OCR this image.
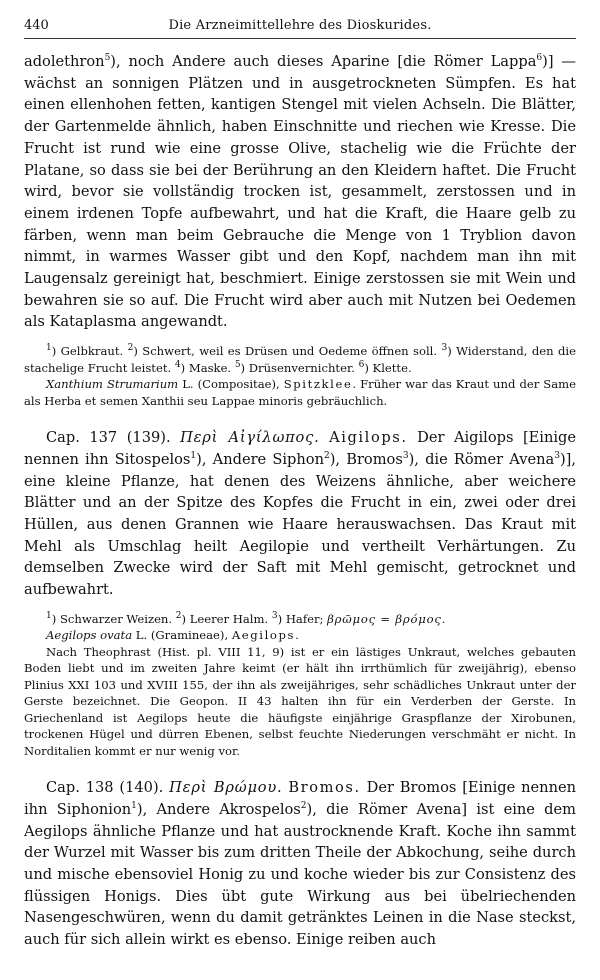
Die Arzneimittellehre des Dioskurides.
440

adolethron$^5$), noch Andere auch dieses Aparine [die Römer Lappa$^6$)] — wächst an sonnigen Plätzen und in ausgetrockneten Sümpfen. Es hat einen ellenhohen fetten, kantigen Stengel mit vielen Achseln. Die Blätter, der Gartenmelde ähnlich, haben Einschnitte und riechen wie Kresse. Die Frucht ist rund wie eine grosse Olive, stachelig wie die Früchte der Platane, so dass sie bei der Berührung an den Kleidern haftet. Die Frucht wird, bevor sie vollständig trocken ist, gesammelt, zerstossen und in einem irdenen Topfe aufbewahrt, und hat die Kraft, die Haare gelb zu färben, wenn man beim Gebrauche die Menge von 1 Tryblion davon nimmt, in warmes Wasser gibt und den Kopf, nachdem man ihn mit Laugensalz gereinigt hat, beschmiert. Einige zerstossen sie mit Wein und bewahren sie so auf. Die Frucht wird aber auch mit Nutzen bei Oedemen als Kataplasma angewandt.

$^1$) Gelbkraut. $^2$) Schwert, weil es Drüsen und Oedeme öffnen soll. $^3$) Widerstand, den die stachelige Frucht leistet. $^4$) Maske. $^5$) Drüsenvernichter. $^6$) Klette.

Xanthium Strumarium L. (Compositae), Spitzklee. Früher war das Kraut und der Same als Herba et semen Xanthii seu Lappae minoris gebräuchlich.

Cap. 137 (139). Περὶ Αἰγίλωπος. Aigilops. Der Aigilops [Einige nennen ihn Sitospelos$^1$), Andere Siphon$^2$), Bromos$^3$), die Römer Avena$^3$)], eine kleine Pflanze, hat denen des Weizens ähnliche, aber weichere Blätter und an der Spitze des Kopfes die Frucht in ein, zwei oder drei Hüllen, aus denen Grannen wie Haare herauswachsen. Das Kraut mit Mehl als Umschlag heilt Aegilopie und vertheilt Verhärtungen. Zu demselben Zwecke wird der Saft mit Mehl gemischt, getrocknet und aufbewahrt.

$^1$) Schwarzer Weizen. $^2$) Leerer Halm. $^3$) Hafer; βρῶμος = βρόμος.

Aegilops ovata L. (Gramineae), Aegilops.

Nach Theophrast (Hist. pl. VIII 11, 9) ist er ein lästiges Unkraut, welches gebauten Boden liebt und im zweiten Jahre keimt (er hält ihn irrthümlich für zweijährig), ebenso Plinius XXI 103 und XVIII 155, der ihn als zweijähriges, sehr schädliches Unkraut unter der Gerste bezeichnet. Die Geopon. II 43 halten ihn für ein Verderben der Gerste. In Griechenland ist Aegilops heute die häufigste einjährige Graspflanze der Xirobunen, trockenen Hügel und dürren Ebenen, selbst feuchte Niederungen verschmäht er nicht. In Norditalien kommt er nur wenig vor.

Cap. 138 (140). Περὶ Βρώμου. Bromos. Der Bromos [Einige nennen ihn Siphonion$^1$), Andere Akrospelos$^2$), die Römer Avena] ist eine dem Aegilops ähnliche Pflanze und hat austrocknende Kraft. Koche ihn sammt der Wurzel mit Wasser bis zum dritten Theile der Abkochung, seihe durch und mische ebensoviel Honig zu und koche wieder bis zur Consistenz des flüssigen Honigs. Dies übt gute Wirkung aus bei übelriechenden Nasengeschwüren, wenn du damit getränktes Leinen in die Nase steckst, auch für sich allein wirkt es ebenso. Einige reiben auch
